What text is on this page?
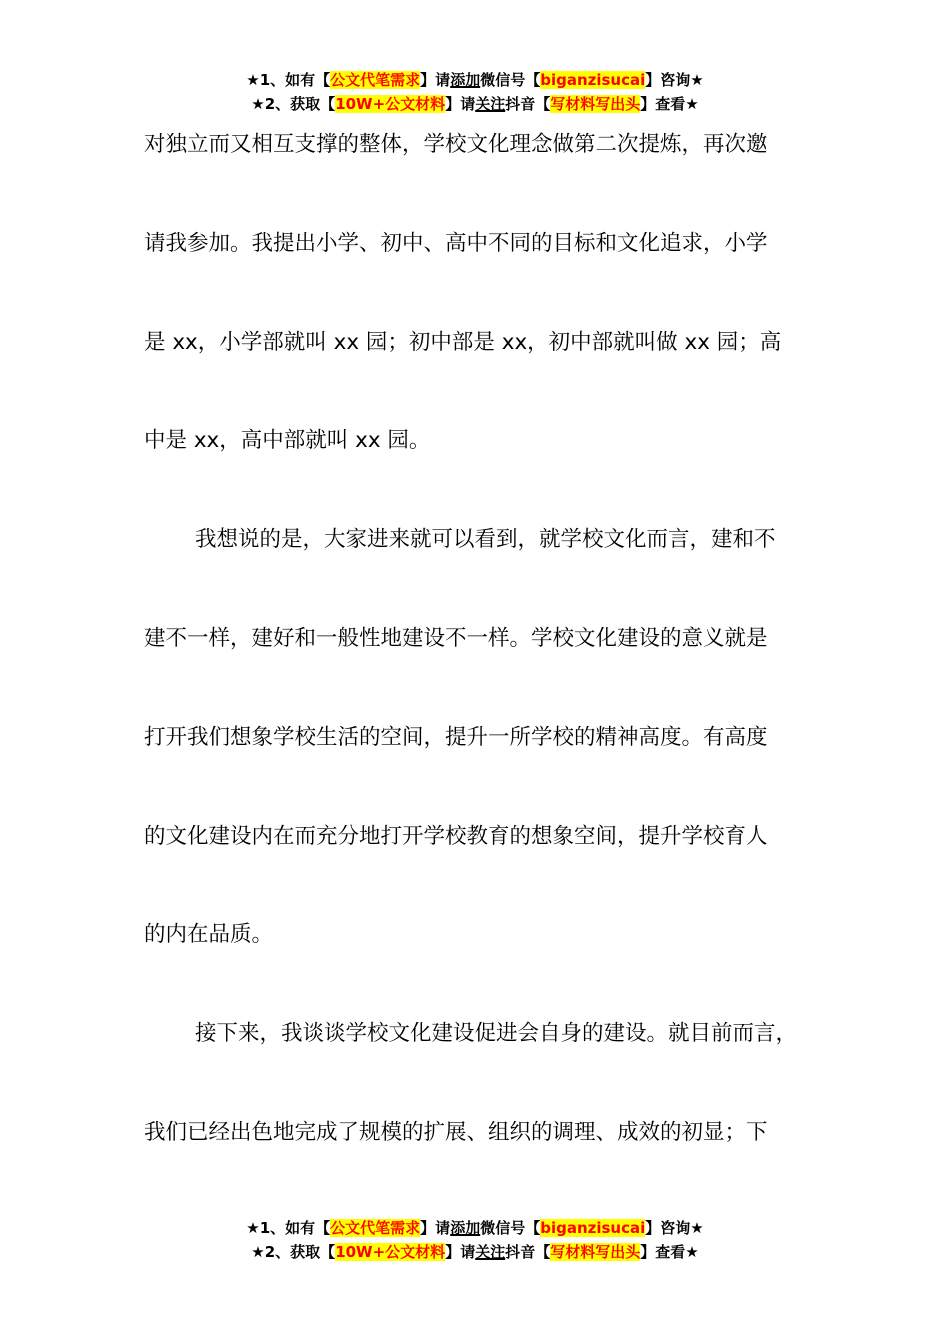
★1、如有【公文代笔需求】请添加微信号【biganzisucai】咨询★
★2、获取【10W+公文材料】请关注抖音【写材料写出头】查看★
对独立而又相互支撑的整体，学校文化理念做第二次提炼，再次邀
请我参加。我提出小学、初中、高中不同的目标和文化追求，小学
是 xx，小学部就叫 xx 园；初中部是 xx，初中部就叫做 xx 园；高
中是 xx，高中部就叫 xx 园。
我想说的是，大家进来就可以看到，就学校文化而言，建和不
建不一样，建好和一般性地建设不一样。学校文化建设的意义就是
打开我们想象学校生活的空间，提升一所学校的精神高度。有高度
的文化建设内在而充分地打开学校教育的想象空间，提升学校育人
的内在品质。
接下来，我谈谈学校文化建设促进会自身的建设。就目前而言，
我们已经出色地完成了规模的扩展、组织的调理、成效的初显；下
★1、如有【公文代笔需求】请添加微信号【biganzisucai】咨询★
★2、获取【10W+公文材料】请关注抖音【写材料写出头】查看★
